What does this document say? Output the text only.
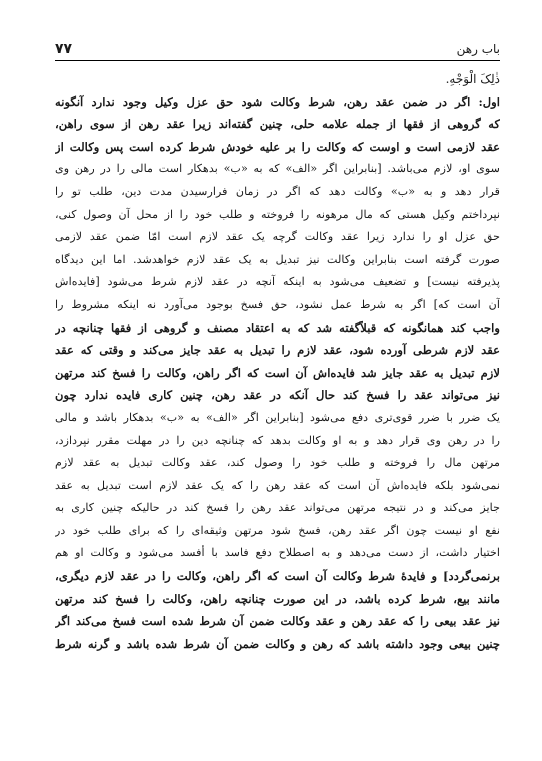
۷۷	باب رهن
ذٰلِکَ الْوَجْهِ.
اول: اگر در ضمن عقد رهن، شرط وکالت شود حق عزل وکیل وجود ندارد آنگونه
که گروهی از فقها از جمله علامه حلی، چنین گفته‌اند زیرا عقد رهن از سوی راهن،
عقد لازمی است و اوست که وکالت را بر علیه خودش شرط کرده است پس وکالت از
سوی او، لازم می‌باشد. [بنابراین اگر «الف» که به «ب» بدهکار است مالی را در رهن وی
قرار دهد و به «ب» وکالت دهد که اگر در زمان فرارسیدن مدت دین، طلب تو را
نپرداختم وکیل هستی که مال مرهونه را فروخته و طلب خود را از محل آن وصول کنی،
حق عزل او را ندارد زیرا عقد وکالت گرچه یک عقد لازم است امّا ضمن عقد لازمی
صورت گرفته است بنابراین وکالت نیز تبدیل به یک عقد لازم خواهدشد. اما این دیدگاه
پذیرفته نیست] و تضعیف می‌شود به اینکه آنچه در عقد لازم شرط می‌شود [فایده‌اش
آن است که] اگر به شرط عمل نشود، حق فسخ بوجود می‌آورد نه اینکه مشروط را
واجب کند همانگونه که قبلاًگفته شد که به اعتقاد مصنف و گروهی از فقها چنانچه در
عقد لازم شرطی آورده شود، عقد لازم را تبدیل به عقد جایز می‌کند و وقتی که عقد
لازم تبدیل به عقد جایز شد فایده‌اش آن است که اگر راهن، وکالت را فسخ کند مرتهن
نیز می‌تواند عقد را فسخ کند حال آنکه در عقد رهن، چنین کاری فایده ندارد چون
یک ضرر با ضرر قوی‌تری دفع می‌شود [بنابراین اگر «الف» به «ب» بدهکار باشد و مالی
را در رهن وی قرار دهد و به او وکالت بدهد که چنانچه دین را در مهلت مقرر نپردازد،
مرتهن مال را فروخته و طلب خود را وصول کند، عقد وکالت تبدیل به عقد لازم
نمی‌شود بلکه فایده‌اش آن است که عقد رهن را که یک عقد لازم است تبدیل به عقد
جایز می‌کند و در نتیجه مرتهن می‌تواند عقد رهن را فسخ کند در حالیکه چنین کاری به
نفع او نیست چون اگر عقد رهن، فسخ شود مرتهن وثیقه‌ای را که برای طلب خود در
اختیار داشت، از دست می‌دهد و به اصطلاح دفع فاسد با أفسد می‌شود و وکالت او هم
برنمی‌گردد] و فایدهٔ شرط وکالت آن است که اگر راهن، وکالت را در عقد لازم دیگری،
مانند بیع، شرط کرده باشد، در این صورت چنانچه راهن، وکالت را فسخ کند مرتهن
نیز عقد بیعی را که عقد رهن و عقد وکالت ضمن آن شرط شده است فسخ می‌کند اگر
چنین بیعی وجود داشته باشد که رهن و وکالت ضمن آن شرط شده باشد و گرنه شرط
